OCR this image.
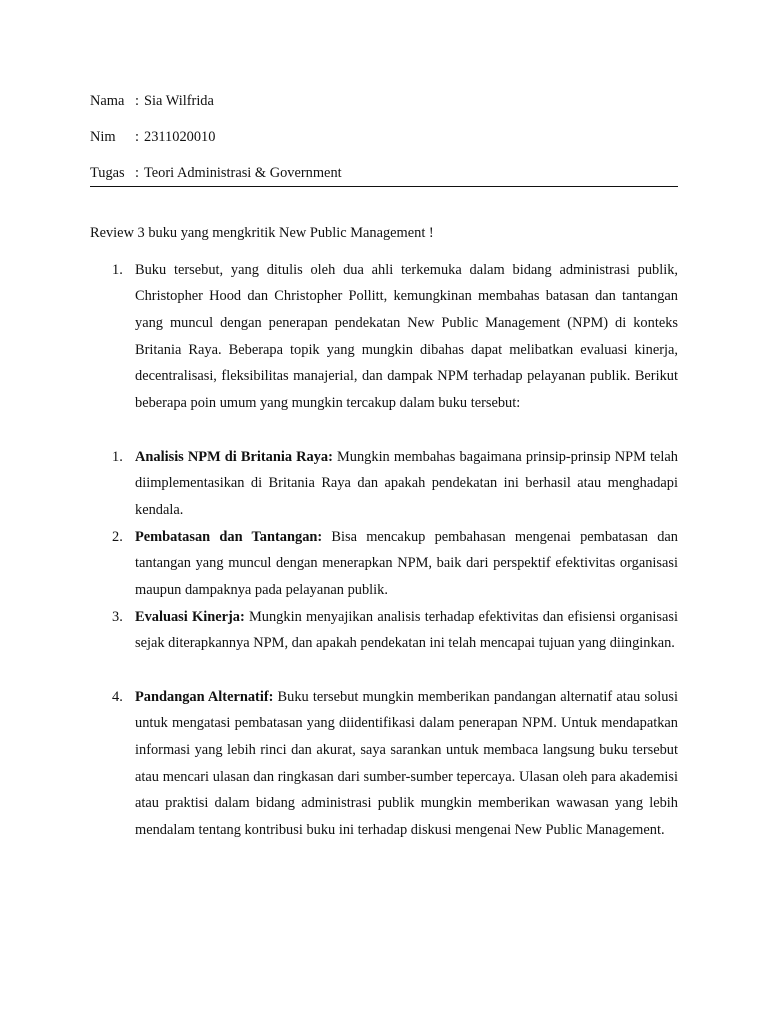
Nama : Sia Wilfrida
Nim : 2311020010
Tugas : Teori Administrasi & Government
Review 3 buku yang mengkritik New Public Management !
1. Buku tersebut, yang ditulis oleh dua ahli terkemuka dalam bidang administrasi publik, Christopher Hood dan Christopher Pollitt, kemungkinan membahas batasan dan tantangan yang muncul dengan penerapan pendekatan New Public Management (NPM) di konteks Britania Raya. Beberapa topik yang mungkin dibahas dapat melibatkan evaluasi kinerja, decentralisasi, fleksibilitas manajerial, dan dampak NPM terhadap pelayanan publik. Berikut beberapa poin umum yang mungkin tercakup dalam buku tersebut:
1. Analisis NPM di Britania Raya: Mungkin membahas bagaimana prinsip-prinsip NPM telah diimplementasikan di Britania Raya dan apakah pendekatan ini berhasil atau menghadapi kendala.
2. Pembatasan dan Tantangan: Bisa mencakup pembahasan mengenai pembatasan dan tantangan yang muncul dengan menerapkan NPM, baik dari perspektif efektivitas organisasi maupun dampaknya pada pelayanan publik.
3. Evaluasi Kinerja: Mungkin menyajikan analisis terhadap efektivitas dan efisiensi organisasi sejak diterapkannya NPM, dan apakah pendekatan ini telah mencapai tujuan yang diinginkan.
4. Pandangan Alternatif: Buku tersebut mungkin memberikan pandangan alternatif atau solusi untuk mengatasi pembatasan yang diidentifikasi dalam penerapan NPM. Untuk mendapatkan informasi yang lebih rinci dan akurat, saya sarankan untuk membaca langsung buku tersebut atau mencari ulasan dan ringkasan dari sumber-sumber tepercaya. Ulasan oleh para akademisi atau praktisi dalam bidang administrasi publik mungkin memberikan wawasan yang lebih mendalam tentang kontribusi buku ini terhadap diskusi mengenai New Public Management.
